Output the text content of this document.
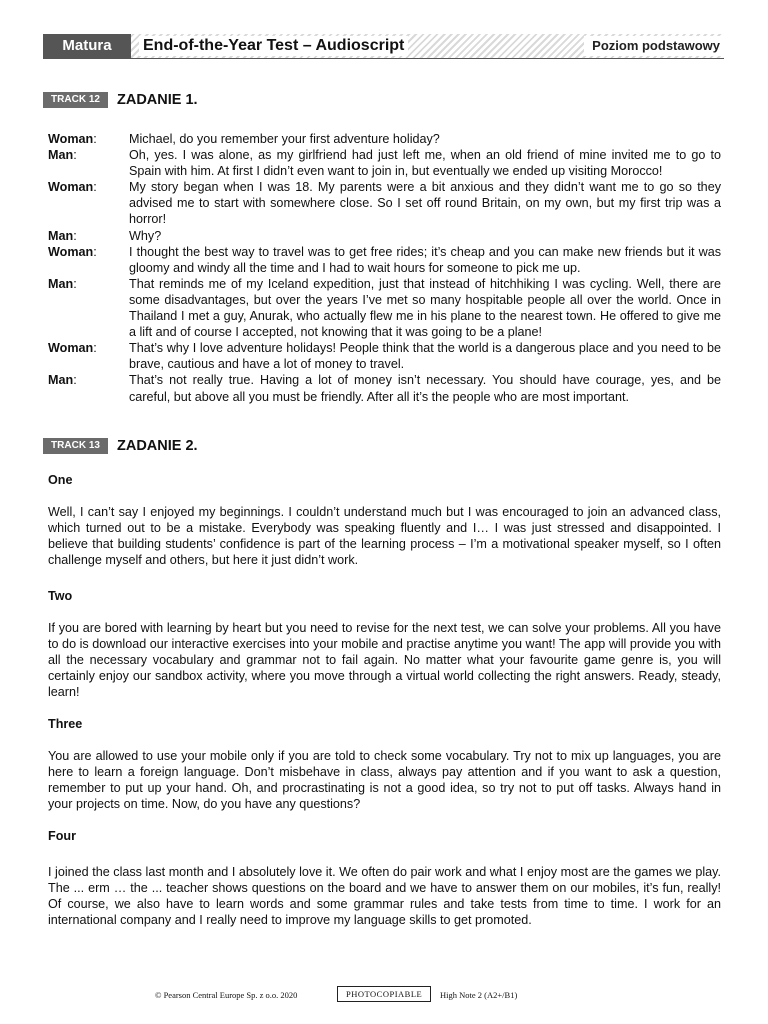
Matura	End-of-the-Year Test – Audioscript	Poziom podstawowy
TRACK 12	ZADANIE 1.
Woman:	Michael, do you remember your first adventure holiday?
Man:	Oh, yes. I was alone, as my girlfriend had just left me, when an old friend of mine invited me to go to Spain with him. At first I didn’t even want to join in, but eventually we ended up visiting Morocco!
Woman:	My story began when I was 18. My parents were a bit anxious and they didn’t want me to go so they advised me to start with somewhere close. So I set off round Britain, on my own, but my first trip was a horror!
Man:	Why?
Woman:	I thought the best way to travel was to get free rides; it’s cheap and you can make new friends but it was gloomy and windy all the time and I had to wait hours for someone to pick me up.
Man:	That reminds me of my Iceland expedition, just that instead of hitchhiking I was cycling. Well, there are some disadvantages, but over the years I’ve met so many hospitable people all over the world. Once in Thailand I met a guy, Anurak, who actually flew me in his plane to the nearest town. He offered to give me a lift and of course I accepted, not knowing that it was going to be a plane!
Woman:	That’s why I love adventure holidays! People think that the world is a dangerous place and you need to be brave, cautious and have a lot of money to travel.
Man:	That’s not really true. Having a lot of money isn’t necessary. You should have courage, yes, and be careful, but above all you must be friendly. After all it’s the people who are most important.
TRACK 13	ZADANIE 2.
One
Well, I can’t say I enjoyed my beginnings. I couldn’t understand much but I was encouraged to join an advanced class, which turned out to be a mistake. Everybody was speaking fluently and I… I was just stressed and disappointed. I believe that building students’ confidence is part of the learning process – I’m a motivational speaker myself, so I often challenge myself and others, but here it just didn’t work.
Two
If you are bored with learning by heart but you need to revise for the next test, we can solve your problems. All you have to do is download our interactive exercises into your mobile and practise anytime you want! The app will provide you with all the necessary vocabulary and grammar not to fail again. No matter what your favourite game genre is, you will certainly enjoy our sandbox activity, where you move through a virtual world collecting the right answers. Ready, steady, learn!
Three
You are allowed to use your mobile only if you are told to check some vocabulary. Try not to mix up languages, you are here to learn a foreign language. Don’t misbehave in class, always pay attention and if you want to ask a question, remember to put up your hand. Oh, and procrastinating is not a good idea, so try not to put off tasks. Always hand in your projects on time. Now, do you have any questions?
Four
I joined the class last month and I absolutely love it. We often do pair work and what I enjoy most are the games we play. The ... erm … the ... teacher shows questions on the board and we have to answer them on our mobiles, it’s fun, really! Of course, we also have to learn words and some grammar rules and take tests from time to time. I work for an international company and I really need to improve my language skills to get promoted.
© Pearson Central Europe Sp. z o.o. 2020	PHOTOCOPIABLE	High Note 2 (A2+/B1)
